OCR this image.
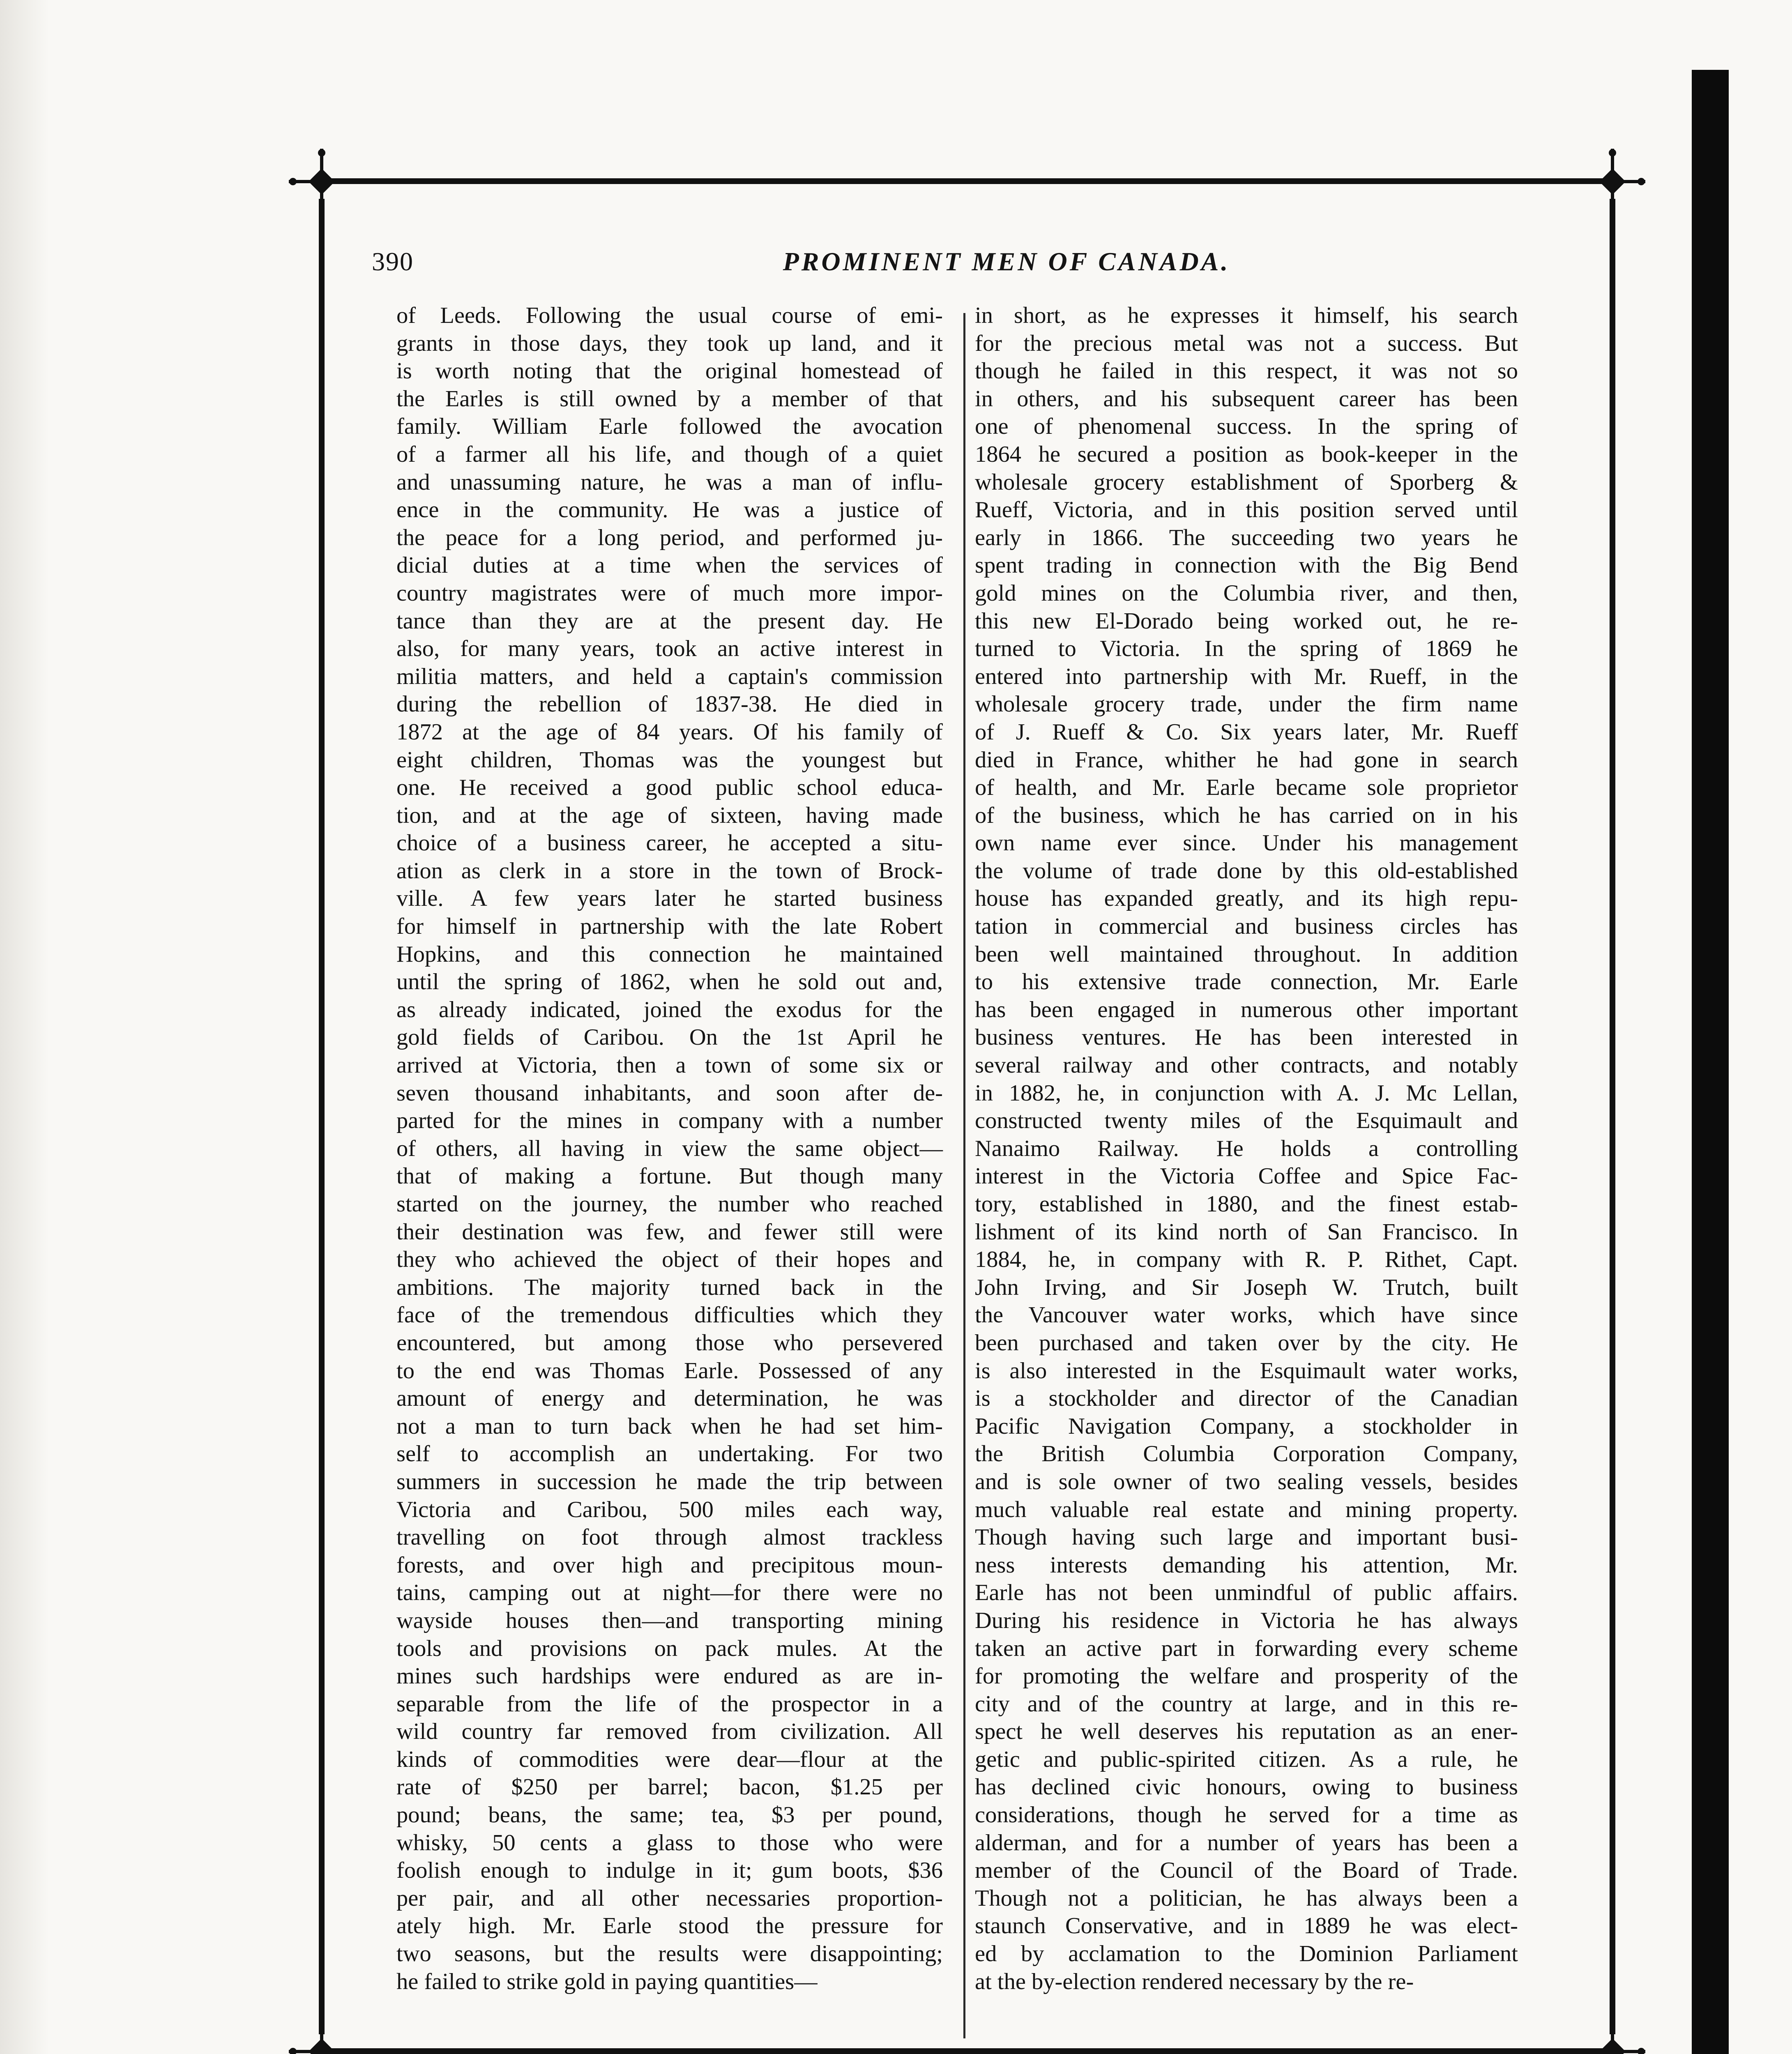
390	PROMINENT MEN OF CANADA.
of Leeds. Following the usual course of emi-
grants in those days, they took up land, and it
is worth noting that the original homestead of
the Earles is still owned by a member of that
family. William Earle followed the avocation
of a farmer all his life, and though of a quiet
and unassuming nature, he was a man of influ-
ence in the community. He was a justice of
the peace for a long period, and performed ju-
dicial duties at a time when the services of
country magistrates were of much more impor-
tance than they are at the present day. He
also, for many years, took an active interest in
militia matters, and held a captain's commission
during the rebellion of 1837-38. He died in
1872 at the age of 84 years. Of his family of
eight children, Thomas was the youngest but
one. He received a good public school educa-
tion, and at the age of sixteen, having made
choice of a business career, he accepted a situ-
ation as clerk in a store in the town of Brock-
ville. A few years later he started business
for himself in partnership with the late Robert
Hopkins, and this connection he maintained
until the spring of 1862, when he sold out and,
as already indicated, joined the exodus for the
gold fields of Caribou. On the 1st April he
arrived at Victoria, then a town of some six or
seven thousand inhabitants, and soon after de-
parted for the mines in company with a number
of others, all having in view the same object—
that of making a fortune. But though many
started on the journey, the number who reached
their destination was few, and fewer still were
they who achieved the object of their hopes and
ambitions. The majority turned back in the
face of the tremendous difficulties which they
encountered, but among those who persevered
to the end was Thomas Earle. Possessed of any
amount of energy and determination, he was
not a man to turn back when he had set him-
self to accomplish an undertaking. For two
summers in succession he made the trip between
Victoria and Caribou, 500 miles each way,
travelling on foot through almost trackless
forests, and over high and precipitous moun-
tains, camping out at night—for there were no
wayside houses then—and transporting mining
tools and provisions on pack mules. At the
mines such hardships were endured as are in-
separable from the life of the prospector in a
wild country far removed from civilization. All
kinds of commodities were dear—flour at the
rate of $250 per barrel; bacon, $1.25 per
pound; beans, the same; tea, $3 per pound,
whisky, 50 cents a glass to those who were
foolish enough to indulge in it; gum boots, $36
per pair, and all other necessaries proportion-
ately high. Mr. Earle stood the pressure for
two seasons, but the results were disappointing;
he failed to strike gold in paying quantities—
in short, as he expresses it himself, his search
for the precious metal was not a success. But
though he failed in this respect, it was not so
in others, and his subsequent career has been
one of phenomenal success. In the spring of
1864 he secured a position as book-keeper in the
wholesale grocery establishment of Sporberg &
Rueff, Victoria, and in this position served until
early in 1866. The succeeding two years he
spent trading in connection with the Big Bend
gold mines on the Columbia river, and then,
this new El-Dorado being worked out, he re-
turned to Victoria. In the spring of 1869 he
entered into partnership with Mr. Rueff, in the
wholesale grocery trade, under the firm name
of J. Rueff & Co. Six years later, Mr. Rueff
died in France, whither he had gone in search
of health, and Mr. Earle became sole proprietor
of the business, which he has carried on in his
own name ever since. Under his management
the volume of trade done by this old-established
house has expanded greatly, and its high repu-
tation in commercial and business circles has
been well maintained throughout. In addition
to his extensive trade connection, Mr. Earle
has been engaged in numerous other important
business ventures. He has been interested in
several railway and other contracts, and notably
in 1882, he, in conjunction with A. J. Mc Lellan,
constructed twenty miles of the Esquimault and
Nanaimo Railway. He holds a controlling
interest in the Victoria Coffee and Spice Fac-
tory, established in 1880, and the finest estab-
lishment of its kind north of San Francisco. In
1884, he, in company with R. P. Rithet, Capt.
John Irving, and Sir Joseph W. Trutch, built
the Vancouver water works, which have since
been purchased and taken over by the city. He
is also interested in the Esquimault water works,
is a stockholder and director of the Canadian
Pacific Navigation Company, a stockholder in
the British Columbia Corporation Company,
and is sole owner of two sealing vessels, besides
much valuable real estate and mining property.
Though having such large and important busi-
ness interests demanding his attention, Mr.
Earle has not been unmindful of public affairs.
During his residence in Victoria he has always
taken an active part in forwarding every scheme
for promoting the welfare and prosperity of the
city and of the country at large, and in this re-
spect he well deserves his reputation as an ener-
getic and public-spirited citizen. As a rule, he
has declined civic honours, owing to business
considerations, though he served for a time as
alderman, and for a number of years has been a
member of the Council of the Board of Trade.
Though not a politician, he has always been a
staunch Conservative, and in 1889 he was elect-
ed by acclamation to the Dominion Parliament
at the by-election rendered necessary by the re-
